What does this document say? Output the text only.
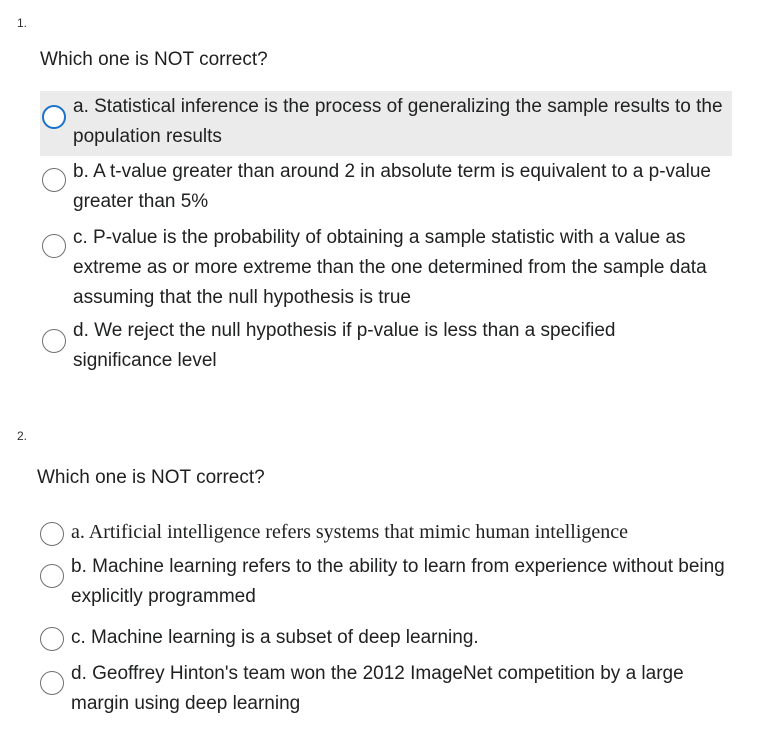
1.
Which one is NOT correct?
a. Statistical inference is the process of generalizing the sample results to the population results
b. A t-value greater than around 2 in absolute term is equivalent to a p-value greater than 5%
c. P-value is the probability of obtaining a sample statistic with a value as extreme as or more extreme than the one determined from the sample data assuming that the null hypothesis is true
d. We reject the null hypothesis if p-value is less than a specified significance level
2.
Which one is NOT correct?
a. Artificial intelligence refers systems that mimic human intelligence
b. Machine learning refers to the ability to learn from experience without being explicitly programmed
c. Machine learning is a subset of deep learning.
d. Geoffrey Hinton's team won the 2012 ImageNet competition by a large margin using deep learning
